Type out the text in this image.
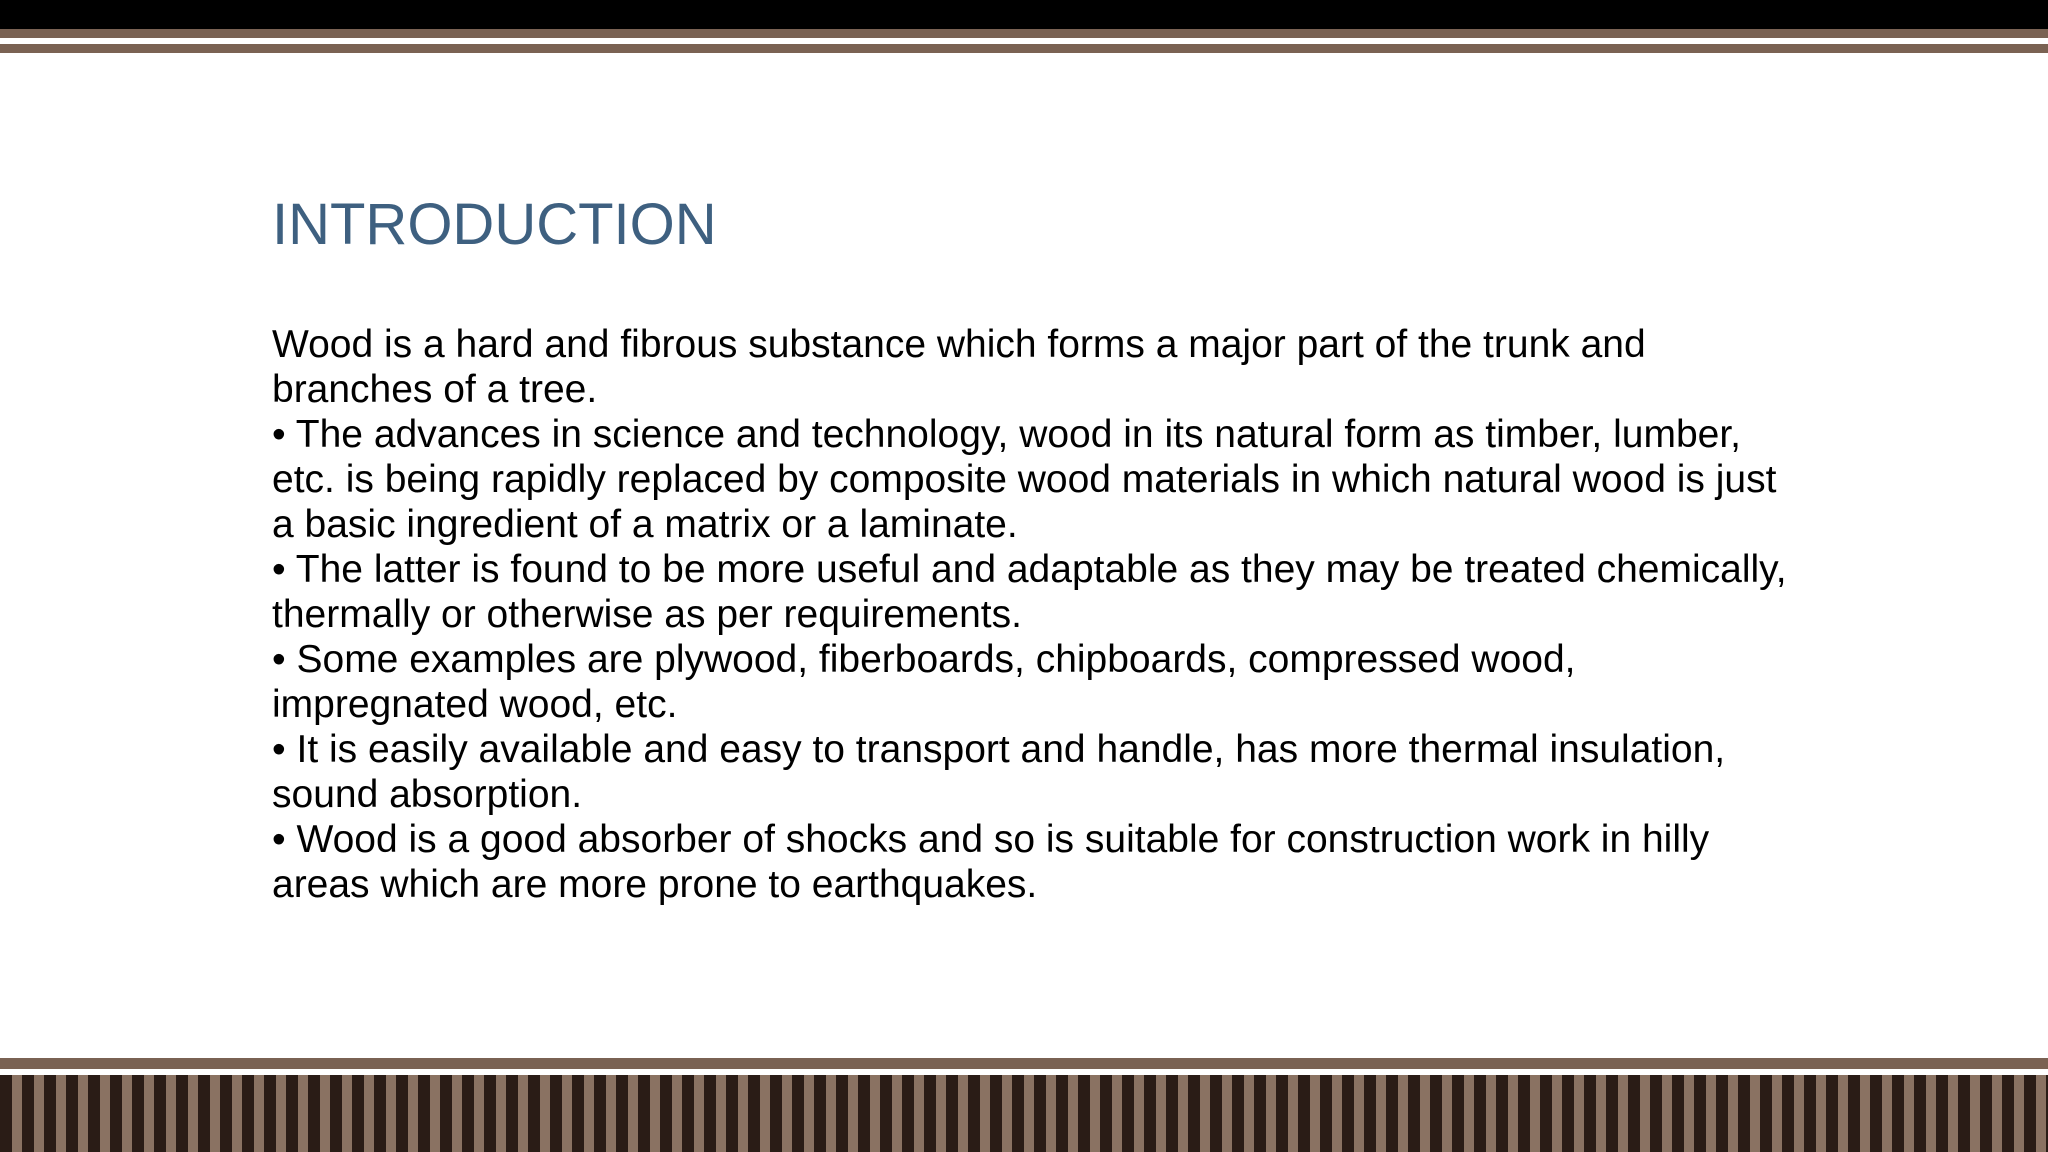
INTRODUCTION

Wood is a hard and fibrous substance which forms a major part of the trunk and branches of a tree.

• The advances in science and technology, wood in its natural form as timber, lumber, etc. is being rapidly replaced by composite wood materials in which natural wood is just a basic ingredient of a matrix or a laminate.

• The latter is found to be more useful and adaptable as they may be treated chemically, thermally or otherwise as per requirements.

• Some examples are plywood, fiberboards, chipboards, compressed wood, impregnated wood, etc.

• It is easily available and easy to transport and handle, has more thermal insulation, sound absorption.

• Wood is a good absorber of shocks and so is suitable for construction work in hilly areas which are more prone to earthquakes.
